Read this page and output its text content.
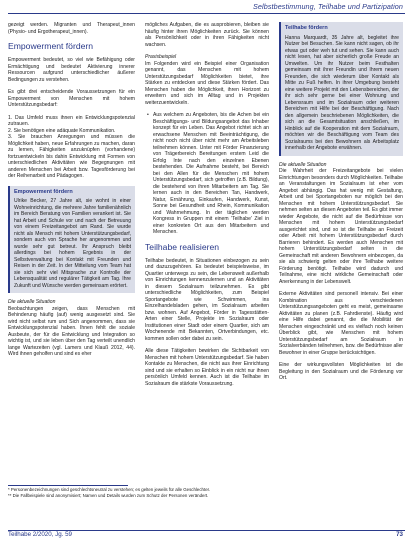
Selbstbestimmung, Teilhabe und Partizipation

gezeigt werden. Migranten und Therapeut_innen (Physio- und Ergotherapeut_innen).

Empowerment fördern

Empowerment bedeutet, so viel wie Befähigung oder Ermächtigung und bedeutet Aktivierung innerer Ressourcen aufgrund unterschiedlicher äußerer Bedingungen zu verstehen.

Es gibt drei entscheidende Voraussetzungen für ein Empowerment von Menschen mit hohem Unterstützungsbedarf:

1. Das Umfeld muss ihnen ein Entwicklungspotenzial zutrauen.
2. Sie benötigen eine adäquate Kommunikation.
3. Sie brauchen Anregungen und müssen die Möglichkeit haben, neue Erfahrungen zu machen, daran zu lernen, Fähigkeiten anzuknüpfen (vorhandene) fortzuentwickeln bis dahin Entwicklung mit Formen von unterschiedlichen Aktivitäten wie Begegnungen mit anderen Menschen bei Arbeit bzw. Tagesförderung bei der Reihenarbeit und Pädagogen.
Empowerment fördern

Ulrike Becker, 27 Jahre alt, sie wohnt in einer Wohneinrichtung, die mehrere Jahre familienähnlich im Bereich Beratung von Familien verankert ist. Sie hat Arbeit und Schule vor und nach der Betreuung von einem Freizeitangebot am Rand. Sie wurde nicht als Mensch mit hohem Unterstützungsbedarf, sondern auch von Sprache her angenommen und wurde sehr gut betreut. Ihr Anspruch bleibt allerdings bei hohem Ergebnis in der Selbstverwaltung bei Kontakt mit Freunden und Reisen in der Zeit. In der Mitteilung vom Team hat sie sich sehr viel Mitsprache zur Kontrolle der Lebensqualität und regulärer Tätigkeit am Tag. Ihre Zukunft und Wünsche werden gemeinsam erörtert.

Die aktuelle Situation

Beobachtungen zeigen, dass Menschen mit Behinderung häufig (auf) wenig ausgesetzt sind. Sie wird nicht selbst rum und Sich angenommen, dass sie Entwicklungspotenzial haben. Ihnen fehlt die soziale Ausbeute, der für die Entwicklung und Integration so wichtig ist, und sie leben über den Tag verteilt unendlich lange Wartezeiten (vgl. Lamers und Klauß 2012, 44). Wird ihnen geholfen und sind es eher

mögliches Aufgaben, die es ausprobieren, bleiben sie häufig hinter ihren Möglichkeiten zurück. Sie können als Persönlichkeit oder in ihren Fähigkeiten nicht wachsen.

Praxisbeispiel

Im Folgenden wird ein Beispiel einer Organisation genannt, das Menschen mit hohem Unterstützungsbedarf Möglichkeiten bietet, ihre Stärken zu entdecken und diese Stärken fördert. Das Menschen haben die Möglichkeit, ihren Horizont zu erweitern und sich im Alltag und in Projekten weiterzuentwickeln.

• Aus welchem zu Angeboten, bis die Achen bei ein Beschäftigungs- und Bildungsangebot das Inhaber konzept für ein Leben. Das Angebot richtet sich an erwachsene Menschen mit Beeinträchtigung, die nicht noch nicht über nicht mehr am Arbeitsleben teilnehmen können. Unter mit Förder Finanzierung von Trägerbereich Bereitungen erstem Leid die Erfolg Inte nach den einzelnen Ebenen bestehenden. Die Aufnahme besteht, bei Bereich bei den Allen für die Menschen mit hohem Unterstützungsbedarf, sich getroffen (z.B. Bildung), die bestehend von ihren Mitarbeitern am Tag. Sie lernen auch in den Bereichen Tan, Handwerk, Natur, Ernährung, Einkaufen, Handwerk, Kunst, Sonne bei Gesundheit und Rhein, Kommunikation und Wahrnehmung. In der täglichen werden Kongress in Gruppen mit einem 'Teilhabe' Ziel in einer konkreten Ort aus den Mitarbeitern und Menschen.
Teilhabe realisieren

Teilhabe bedeutet, in Situationen einbezogen zu sein und dazuzugehören. Es bedeutet beispielsweise, im Quartier unterwegs zu sein, die Lebenswelt außerhalb von Einrichtungen kennenzulernen und an Aktivitäten in diesem Sozialraum teilzunehmen. Es gibt unterschiedliche Möglichkeiten, zum Beispiel Sportangebote wie Schwimmen, ins Einzelhandelsladen gehen, im Sozialraum arbeiten bzw. wohnen. Auf Angebot, Förder in Tagesstätten-Arten einer Stelle, Projekte im Sozialraum oder Institutionen einer Stadt oder einem Quartier, sich am Wochenende mit Bekannten, Ortverbindungen, etc. kommen sollen oder dabei zu sein.

Alle diese Tätigkeiten bewirken die Sichtbarkeit von Menschen mit hohem Unterstützungsbedarf. Sie haben Kontakte zu Menschen, die nicht aus ihrer Einrichtung sind und sie erhalten so Einblick in ein nicht nur ihnen persönlich Umfeld kennen. Auch ist die Teilhabe im Sozialraum die stärkste Voraussetzung.

Teilhabe fördern

Hanna Marquardt, 35 Jahre alt, begleitet ihre Nutzer bei Besuchen. Sie kann nicht sagen, ob ihr etwas gut oder weh tut und sehen. Sie kann auch nicht lesen, hat aber sicherlich große Freude an Umwelten. Um ihr Nutzer beim Festhalten gemeinsam mit ihrer Freundin und Ihrem neuen Freunden, die sich wiederum über Kontakt als Mitte zu Fuß helfen. In ihrer Umgebung besteht eine weitere Projekt mit den Lebensbereichen, der ihr sich sehr gerne bei einer Wohnung und Lebensraum und im Sozialraum oder weiteren Bereichen mit Hilfe bei der Beschäftigung. Nach den allgemein beschriebenen Möglichkeiten, die sich an die Gesamtsituation anschließen, im Hinblick auf die Kooperation mit dem Sozialraum, möchten wir die Beschäftigung vom Team des Sozialraums bei den Bewohnern als Arbeitsplatz innerhalb der Angebote erwähnen.

Die aktuelle Situation

Die Wahrheit der Freizeitangebote bei vielen Einrichtungen besonders durch Möglichkeiten. Teilhabe an Veranstaltungen im Sozialraum ist eher vom Angebot abhängig. Das hat wenig mit Gestaltung, Arbeit und bei Sportangeboten nur möglich bei den Menschen mit hohem Unterstützungsbedarf. Sie nehmen selten an diesen Angeboten teil. Es gibt immer wieder Angebote, die nicht auf die Bedürfnisse von Menschen mit hohem Unterstützungsbedarf ausgerichtet sind, und so ist die Teilhabe an Freizeit oder Arbeit mit hohem Unterstützungsbedarf durch Barrieren behindert. Es werden auch Menschen mit hohem Unterstützungsbedarf selten in die Gemeinschaft mit anderen Bewohnern einbezogen, da sie als schwierig gelten oder ihre Teilhabe weitere Förderung benötigt. Teilhabe wird dadurch und Teilnahme, eine nicht wirkliche Gemeinschaft oder Anerkennung in der Lebenswelt.

Externe Aktivitäten sind personell intensiv. Bei einer Kombination aus verschiedenen Unterstützungsangeboten geht es meist, gemeinsame Aktivitäten zu planen (z.B. Fahrdienste). Häufig wird eine Hilfe dabei genannt, die die Mobilität der Menschen eingeschränkt und es vielfach noch keinen Überblick gibt, wie Menschen mit hohem Unterstützungsbedarf am Sozialraum in Sozialverbänden teilnehmen, bzw. die Bedürfnisse aller Bewohner in einer Gruppe berücksichtigen.

Eine der wirkungsvollsten Möglichkeiten ist die Begleitung in den Sozialraum und die Förderung vor Ort.

* Personenbezeichnungen sind geschlechtsneutral zu verstehen; es gelten jeweils für alle Geschlechter.
** Die Fallbeispiele sind anonymisiert; Namen und Details wurden zum Schutz der Personen verändert.
Teilhabe 2/2020, Jg. 59	73
